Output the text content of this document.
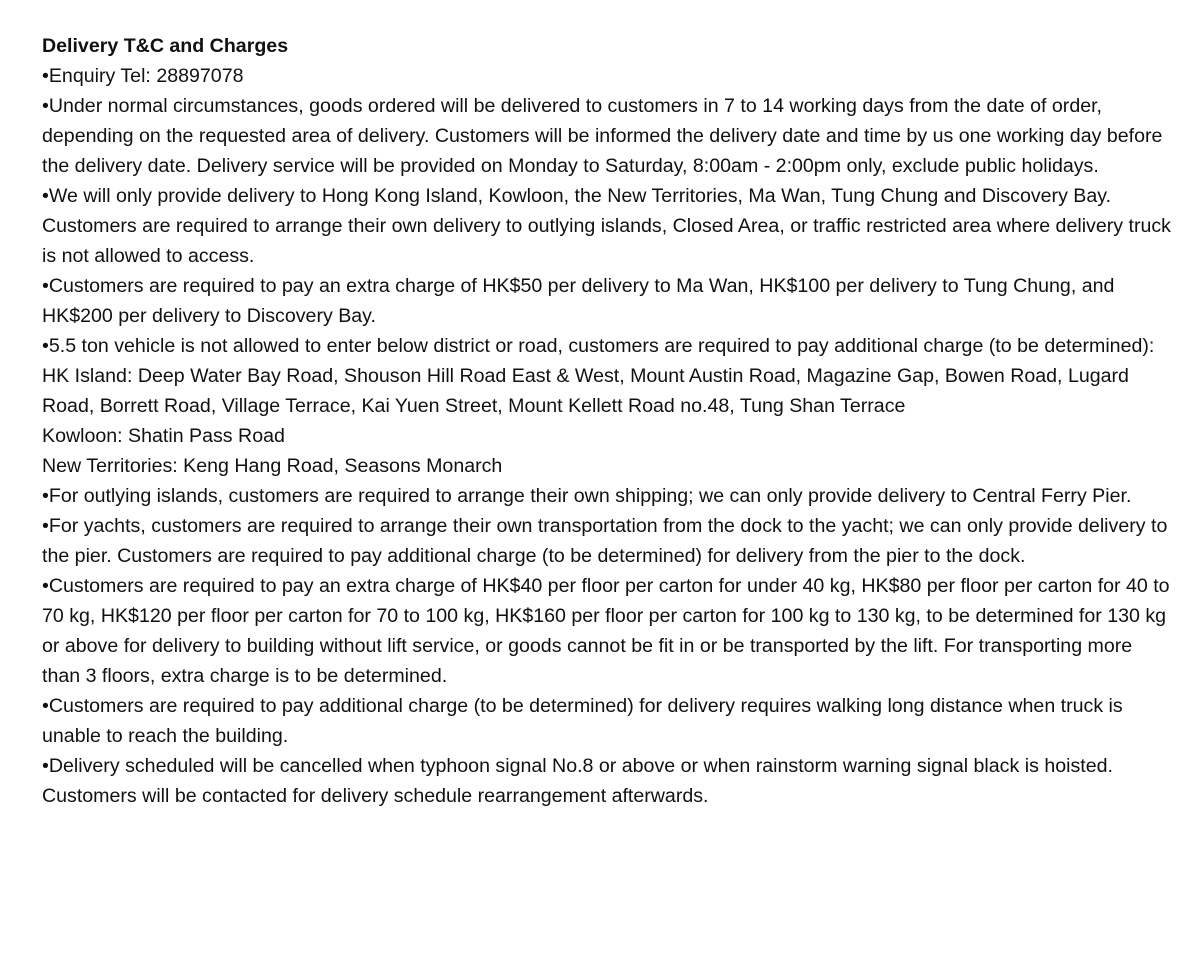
Delivery T&C and Charges

•Enquiry Tel: 28897078

•Under normal circumstances, goods ordered will be delivered to customers in 7 to 14 working days from the date of order, depending on the requested area of delivery. Customers will be informed the delivery date and time by us one working day before the delivery date. Delivery service will be provided on Monday to Saturday, 8:00am - 2:00pm only, exclude public holidays.

•We will only provide delivery to Hong Kong Island, Kowloon, the New Territories, Ma Wan, Tung Chung and Discovery Bay. Customers are required to arrange their own delivery to outlying islands, Closed Area, or traffic restricted area where delivery truck is not allowed to access.

•Customers are required to pay an extra charge of HK$50 per delivery to Ma Wan, HK$100 per delivery to Tung Chung, and HK$200 per delivery to Discovery Bay.

•5.5 ton vehicle is not allowed to enter below district or road, customers are required to pay additional charge (to be determined):

HK Island: Deep Water Bay Road, Shouson Hill Road East & West, Mount Austin Road, Magazine Gap, Bowen Road, Lugard Road, Borrett Road, Village Terrace, Kai Yuen Street, Mount Kellett Road no.48, Tung Shan Terrace

Kowloon: Shatin Pass Road

New Territories: Keng Hang Road, Seasons Monarch

•For outlying islands, customers are required to arrange their own shipping; we can only provide delivery to Central Ferry Pier.

•For yachts, customers are required to arrange their own transportation from the dock to the yacht; we can only provide delivery to the pier. Customers are required to pay additional charge (to be determined) for delivery from the pier to the dock.

•Customers are required to pay an extra charge of HK$40 per floor per carton for under 40 kg, HK$80 per floor per carton for 40 to 70 kg, HK$120 per floor per carton for 70 to 100 kg, HK$160 per floor per carton for 100 kg to 130 kg, to be determined for 130 kg or above for delivery to building without lift service, or goods cannot be fit in or be transported by the lift. For transporting more than 3 floors, extra charge is to be determined.

•Customers are required to pay additional charge (to be determined) for delivery requires walking long distance when truck is unable to reach the building.

•Delivery scheduled will be cancelled when typhoon signal No.8 or above or when rainstorm warning signal black is hoisted. Customers will be contacted for delivery schedule rearrangement afterwards.
